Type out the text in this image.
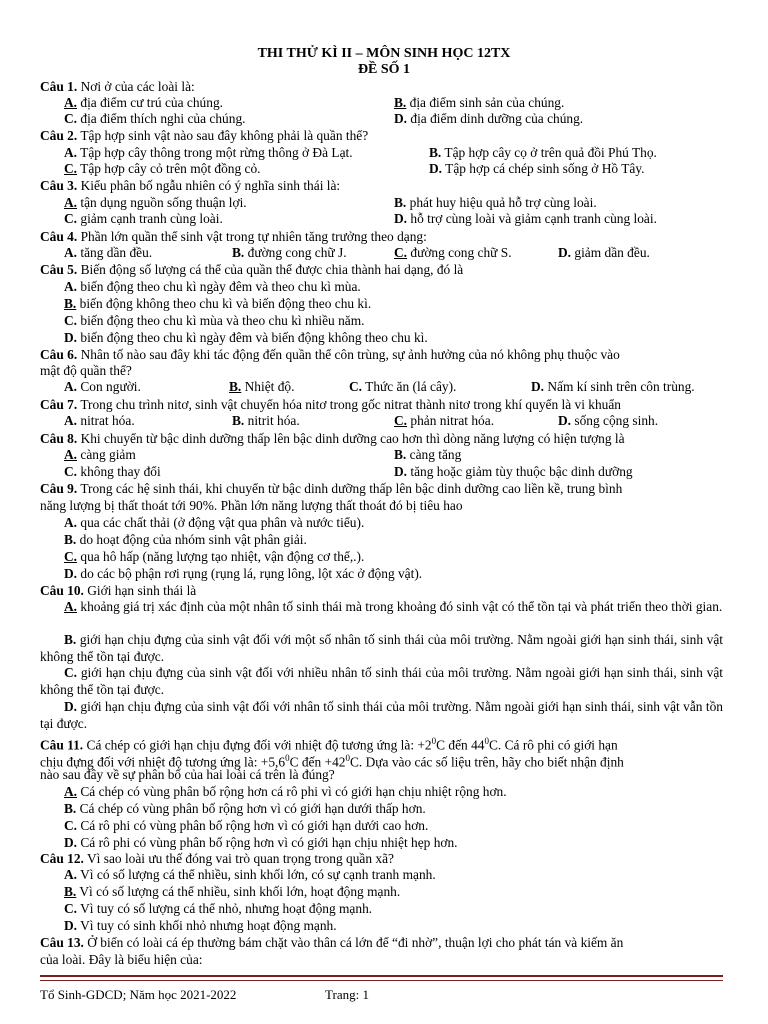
THI THỬ KÌ II – MÔN SINH HỌC 12TX
ĐỀ SỐ 1
Câu 1. Nơi ở của các loài là:
A. địa điểm cư trú của chúng.	B. địa điểm sinh sản của chúng.
C. địa điểm thích nghi của chúng.	D. địa điểm dinh dưỡng của chúng.
Câu 2. Tập hợp sinh vật nào sau đây không phải là quần thể?
A. Tập hợp cây thông trong một rừng thông ở Đà Lạt.	B. Tập hợp cây cọ ở trên quả đồi Phú Thọ.
C. Tập hợp cây cỏ trên một đồng cỏ.	D. Tập hợp cá chép sinh sống ở Hồ Tây.
Câu 3. Kiểu phân bố ngẫu nhiên có ý nghĩa sinh thái là:
A. tận dụng nguồn sống thuận lợi.	B. phát huy hiệu quả hỗ trợ cùng loài.
C. giảm cạnh tranh cùng loài.	D. hỗ trợ cùng loài và giảm cạnh tranh cùng loài.
Câu 4. Phần lớn quần thể sinh vật trong tự nhiên tăng trưởng theo dạng:
A. tăng dần đều.	B. đường cong chữ J.	C. đường cong chữ S.	D. giảm dần đều.
Câu 5. Biến động số lượng cá thể của quần thể được chia thành hai dạng, đó là
A. biến động theo chu kì ngày đêm và theo chu kì mùa.
B. biến động không theo chu kì và biến động theo chu kì.
C. biến động theo chu kì mùa và theo chu kì nhiều năm.
D. biến động theo chu kì ngày đêm và biến động không theo chu kì.
Câu 6. Nhân tố nào sau đây khi tác động đến quần thể côn trùng, sự ảnh hưởng của nó không phụ thuộc vào
mật độ quần thể?
A. Con người.	B. Nhiệt độ.	C. Thức ăn (lá cây).	D. Nấm kí sinh trên côn trùng.
Câu 7. Trong chu trình nitơ, sinh vật chuyển hóa nitơ trong gốc nitrat thành nitơ trong khí quyển là vi khuẩn
A. nitrat hóa.	B. nitrit hóa.	C. phản nitrat hóa.	D. sống cộng sinh.
Câu 8. Khi chuyển từ bậc dinh dưỡng thấp lên bậc dinh dưỡng cao hơn thì dòng năng lượng có hiện tượng là
A. càng giảm	B. càng tăng
C. không thay đổi	D. tăng hoặc giảm tùy thuộc bậc dinh dưỡng
Câu 9. Trong các hệ sinh thái, khi chuyển từ bậc dinh dưỡng thấp lên bậc dinh dưỡng cao liền kề, trung bình
năng lượng bị thất thoát tới 90%. Phần lớn năng lượng thất thoát đó bị tiêu hao
A. qua các chất thải (ở động vật qua phân và nước tiểu).
B. do hoạt động của nhóm sinh vật phân giải.
C. qua hô hấp (năng lượng tạo nhiệt, vận động cơ thể,.).
D. do các bộ phận rơi rụng (rụng lá, rụng lông, lột xác ở động vật).
Câu 10. Giới hạn sinh thái là
A. khoảng giá trị xác định của một nhân tố sinh thái mà trong khoảng đó sinh vật có thể tồn tại và phát triển theo thời gian.
B. giới hạn chịu đựng của sinh vật đối với một số nhân tố sinh thái của môi trường. Nằm ngoài giới hạn sinh thái, sinh vật không thể tồn tại được.
C. giới hạn chịu đựng của sinh vật đối với nhiều nhân tố sinh thái của môi trường. Nằm ngoài giới hạn sinh thái, sinh vật không thể tồn tại được.
D. giới hạn chịu đựng của sinh vật đối với nhân tố sinh thái của môi trường. Nằm ngoài giới hạn sinh thái, sinh vật vẫn tồn tại được.
Câu 11. Cá chép có giới hạn chịu đựng đối với nhiệt độ tương ứng là: $+2^0C$ đến $44^0C$. Cá rô phi có giới hạn
chịu đựng đối với nhiệt độ tương ứng là: $+5,6^0C$ đến $+42^0C$. Dựa vào các số liệu trên, hãy cho biết nhận định
nào sau đây về sự phân bố của hai loài cá trên là đúng?
A. Cá chép có vùng phân bố rộng hơn cá rô phi vì có giới hạn chịu nhiệt rộng hơn.
B. Cá chép có vùng phân bố rộng hơn vì có giới hạn dưới thấp hơn.
C. Cá rô phi có vùng phân bố rộng hơn vì có giới hạn dưới cao hơn.
D. Cá rô phi có vùng phân bố rộng hơn vì có giới hạn chịu nhiệt hẹp hơn.
Câu 12. Vì sao loài ưu thế đóng vai trò quan trọng trong quần xã?
A. Vì có số lượng cá thể nhiều, sinh khối lớn, có sự cạnh tranh mạnh.
B. Vì có số lượng cá thể nhiều, sinh khối lớn, hoạt động mạnh.
C. Vì tuy có số lượng cá thể nhỏ, nhưng hoạt động mạnh.
D. Vì tuy có sinh khối nhỏ nhưng hoạt động mạnh.
Câu 13. Ở biển có loài cá ép thường bám chặt vào thân cá lớn để “đi nhờ”, thuận lợi cho phát tán và kiếm ăn
của loài. Đây là biểu hiện của:
Tổ Sinh-GDCD; Năm học 2021-2022	Trang: 1
